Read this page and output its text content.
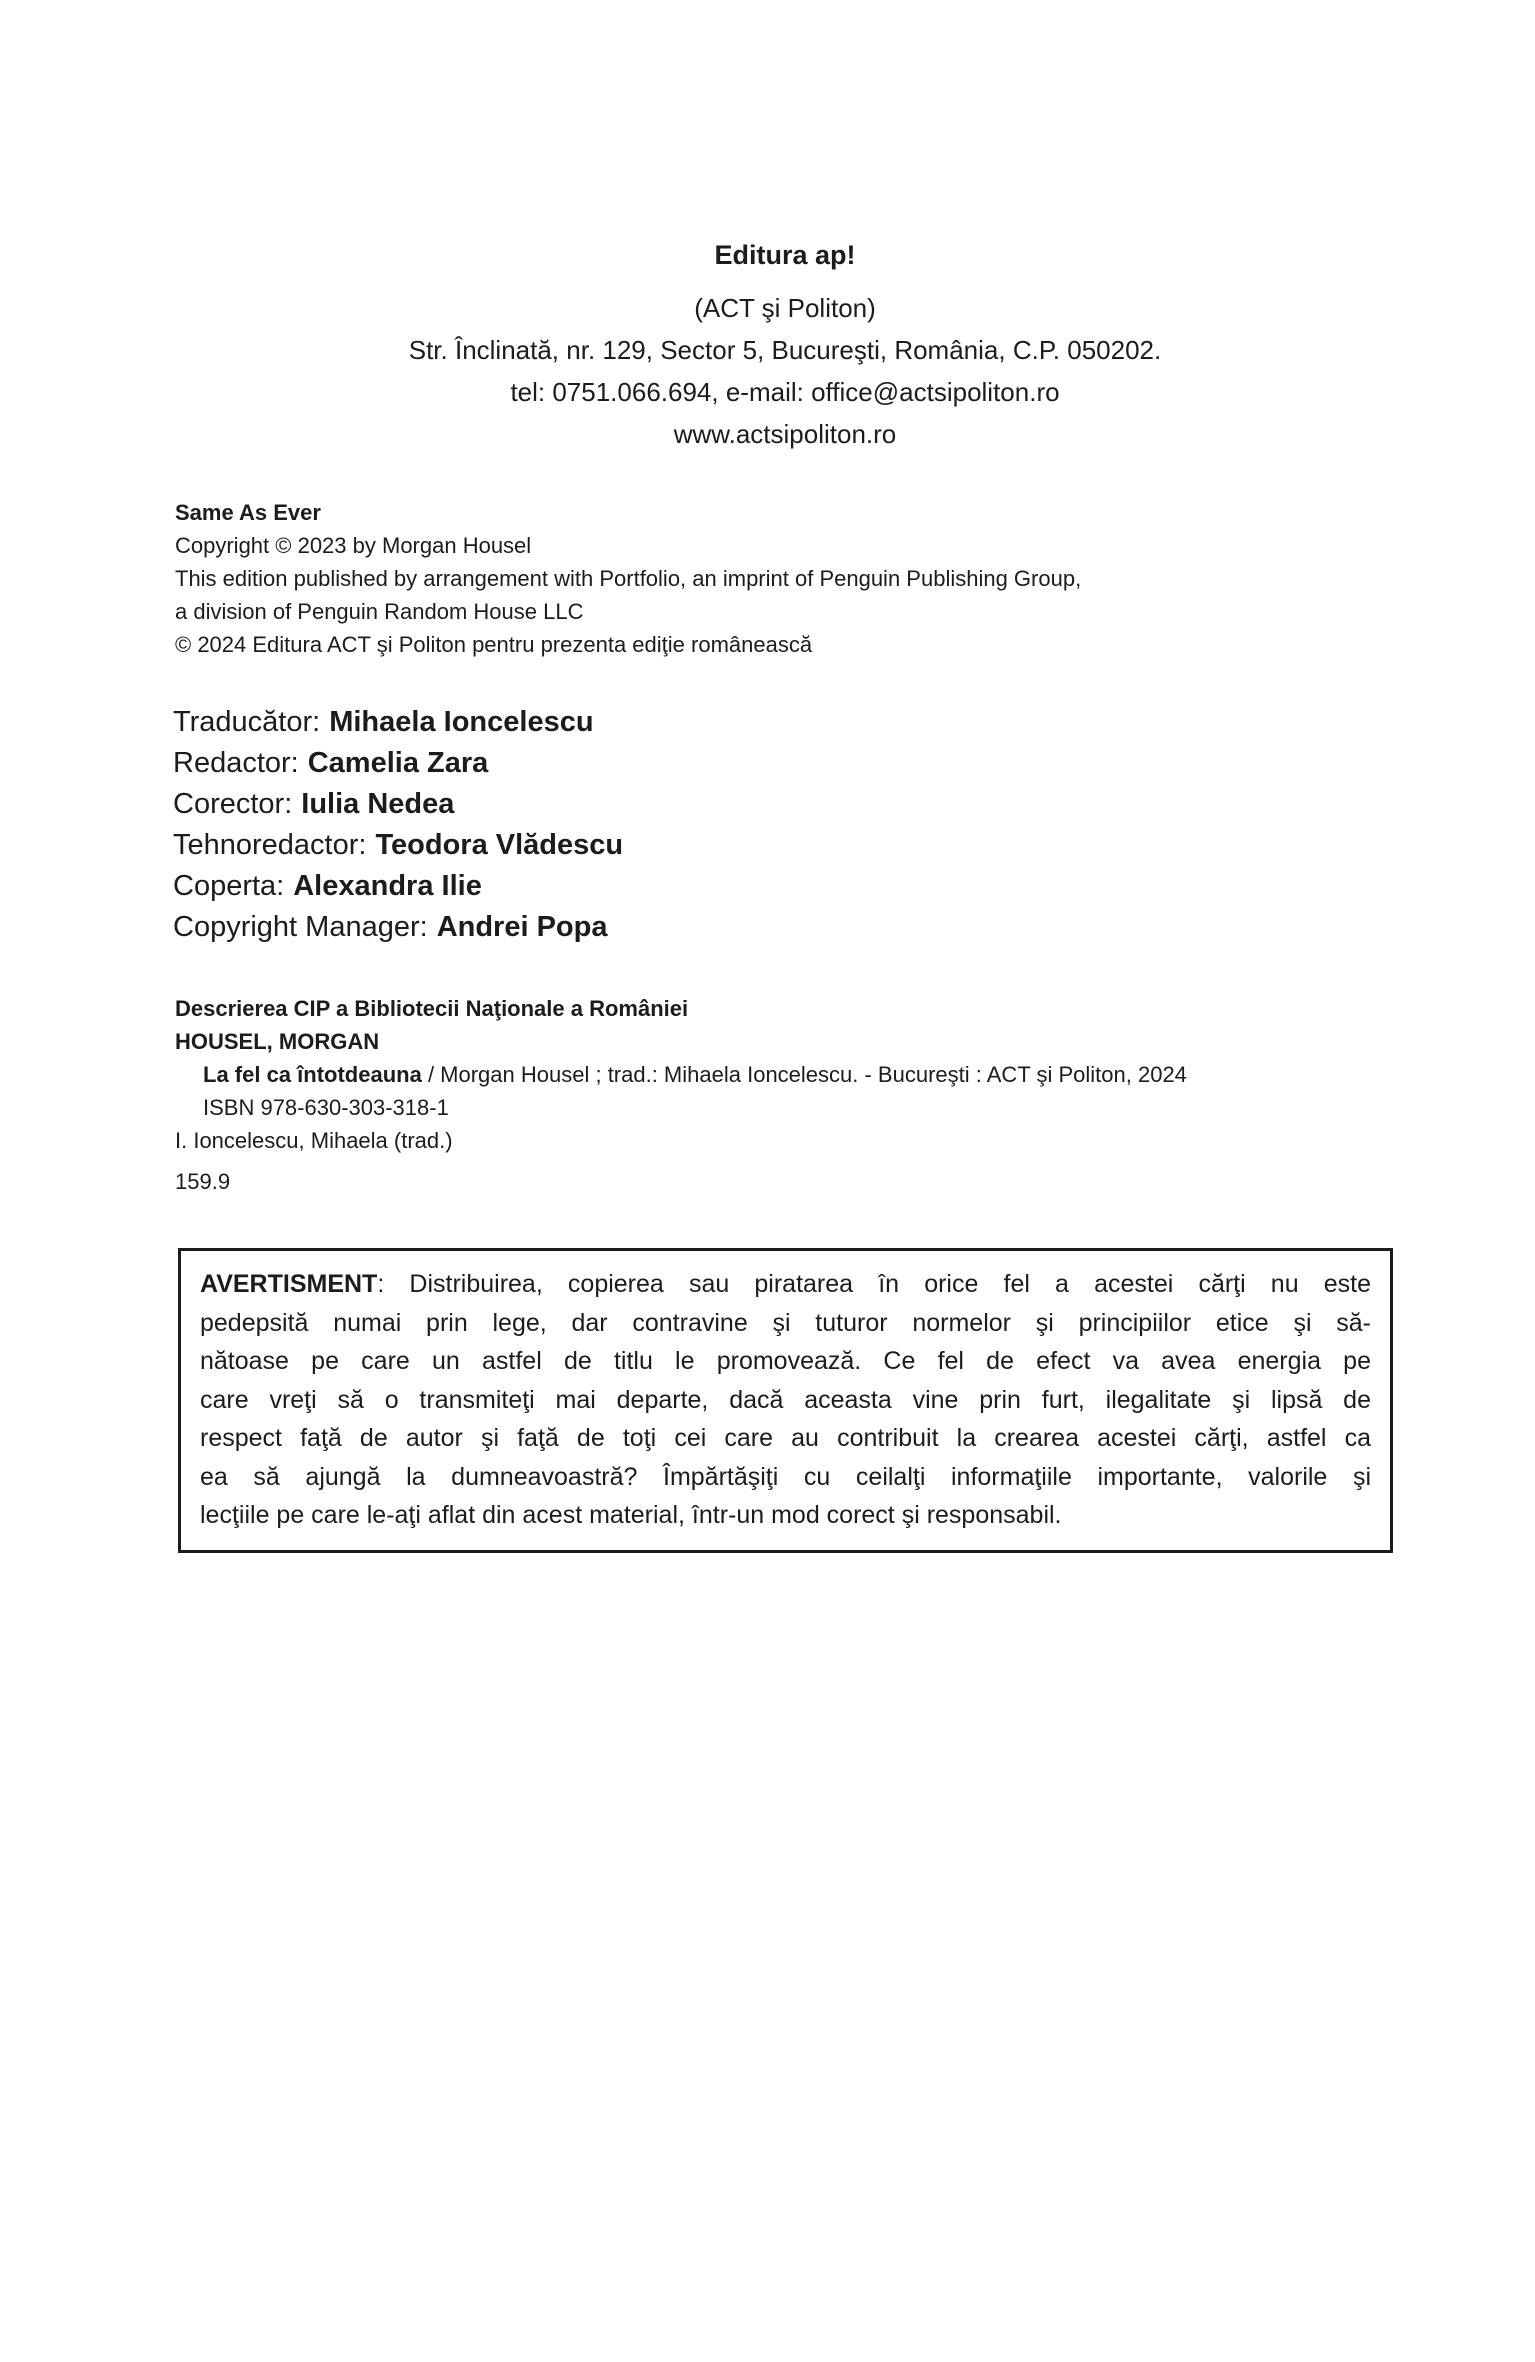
Editura ap!
(ACT şi Politon)
Str. Înclinată, nr. 129, Sector 5, Bucureşti, România, C.P. 050202.
tel: 0751.066.694, e-mail: office@actsipoliton.ro
www.actsipoliton.ro
Same As Ever
Copyright © 2023 by Morgan Housel
This edition published by arrangement with Portfolio, an imprint of Penguin Publishing Group,
a division of Penguin Random House LLC
© 2024 Editura ACT şi Politon pentru prezenta ediţie românească
Traducător: Mihaela Ioncelescu
Redactor: Camelia Zara
Corector: Iulia Nedea
Tehnoredactor: Teodora Vlădescu
Coperta: Alexandra Ilie
Copyright Manager: Andrei Popa
Descrierea CIP a Bibliotecii Naţionale a României
HOUSEL, MORGAN
La fel ca întotdeauna / Morgan Housel ; trad.: Mihaela Ioncelescu. - Bucureşti : ACT şi Politon, 2024
ISBN 978-630-303-318-1
I. Ioncelescu, Mihaela (trad.)
159.9
AVERTISMENT: Distribuirea, copierea sau piratarea în orice fel a acestei cărţi nu este
pedepsită numai prin lege, dar contravine şi tuturor normelor şi principiilor etice şi să-
nătoase pe care un astfel de titlu le promovează. Ce fel de efect va avea energia pe
care vreţi să o transmiteţi mai departe, dacă aceasta vine prin furt, ilegalitate şi lipsă de
respect faţă de autor şi faţă de toţi cei care au contribuit la crearea acestei cărţi, astfel ca
ea să ajungă la dumneavoastră? Împărtăşiţi cu ceilalţi informaţiile importante, valorile şi
lecţiile pe care le-aţi aflat din acest material, într-un mod corect şi responsabil.
